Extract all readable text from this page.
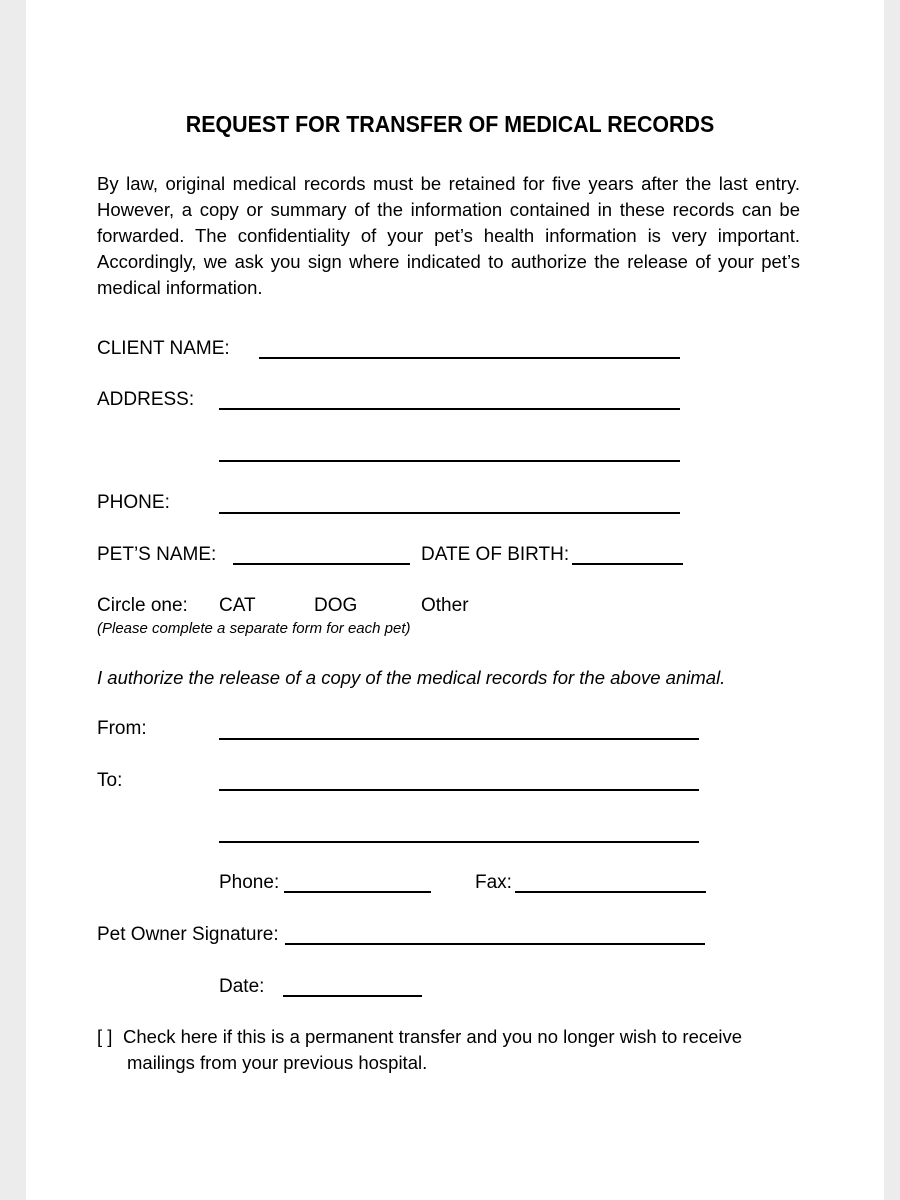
REQUEST FOR TRANSFER OF MEDICAL RECORDS
By law, original medical records must be retained for five years after the last entry. However, a copy or summary of the information contained in these records can be forwarded. The confidentiality of your pet’s health information is very important. Accordingly, we ask you sign where indicated to authorize the release of your pet’s medical information.
CLIENT NAME:
ADDRESS:
PHONE:
PET’S NAME:	DATE OF BIRTH:
Circle one: CAT	DOG	Other
(Please complete a separate form for each pet)
I authorize the release of a copy of the medical records for the above animal.
From:
To:
Phone:	Fax:
Pet Owner Signature:
Date:
[ ] Check here if this is a permanent transfer and you no longer wish to receive
mailings from your previous hospital.
